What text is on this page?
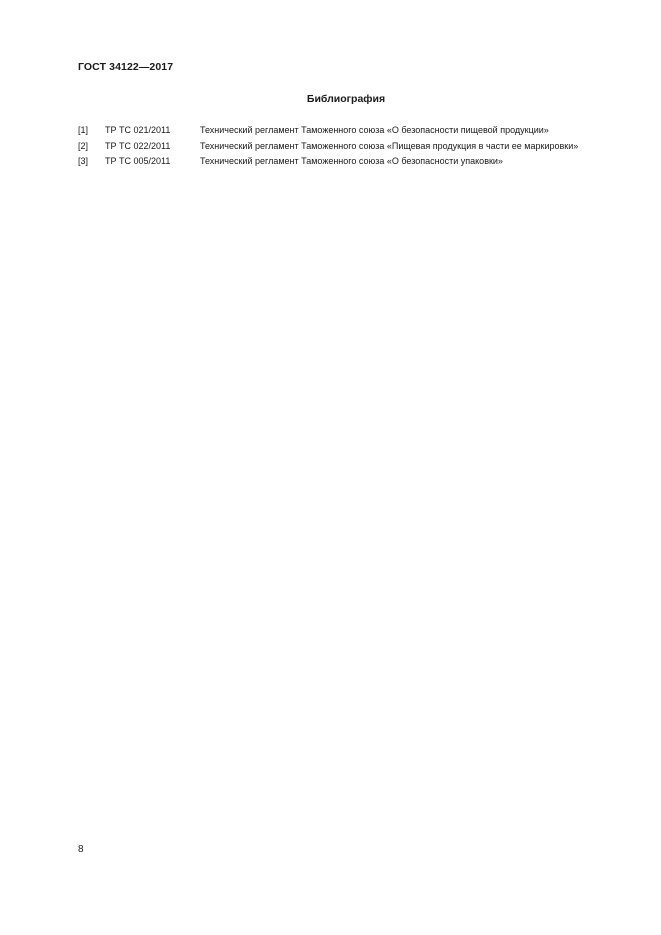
ГОСТ 34122—2017
Библиография
[1]	ТР ТС 021/2011	Технический регламент Таможенного союза «О безопасности пищевой продукции»
[2]	ТР ТС 022/2011	Технический регламент Таможенного союза «Пищевая продукция в части ее маркировки»
[3]	ТР ТС 005/2011	Технический регламент Таможенного союза «О безопасности упаковки»
8
